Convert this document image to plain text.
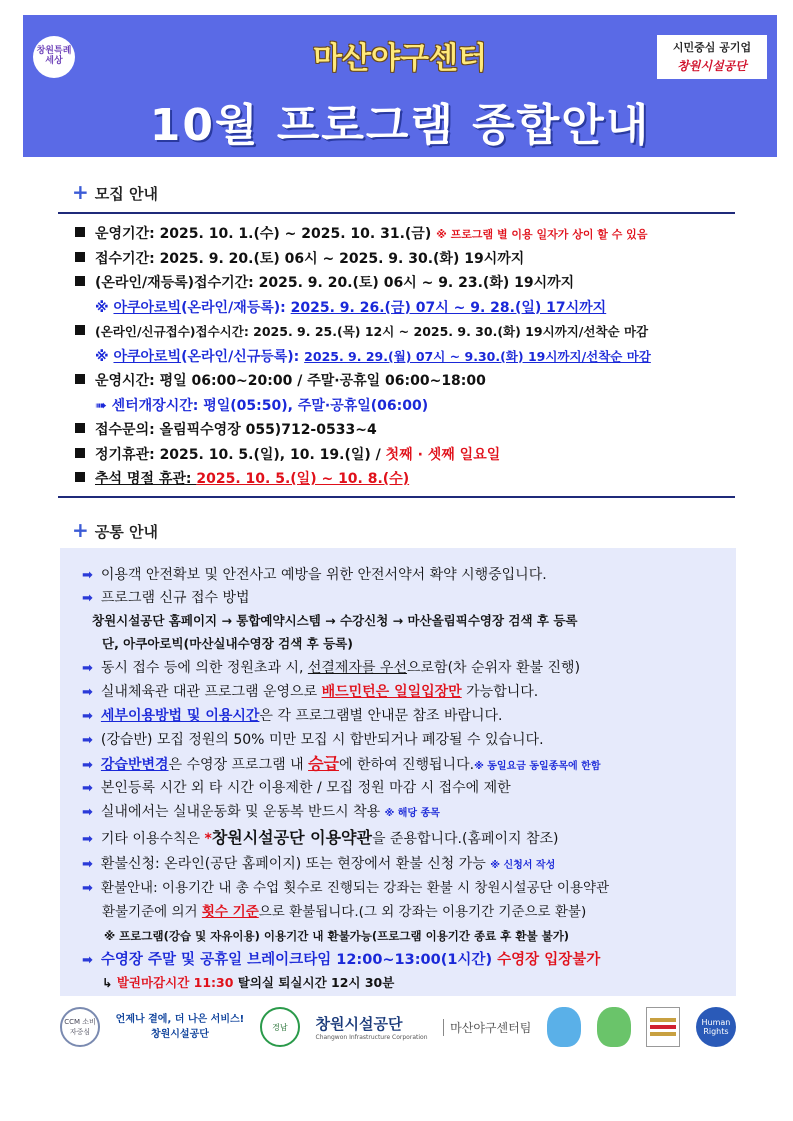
창원특례 세상	마산야구센터
10월 프로그램 종합안내
시민중심 공기업
창원시설공단
+ 모집 안내
운영기간: 2025. 10. 1.(수) ~ 2025. 10. 31.(금) ※ 프로그램 별 이용 일자가 상이 할 수 있음
접수기간: 2025. 9. 20.(토) 06시 ~ 2025. 9. 30.(화) 19시까지
(온라인/재등록)접수기간: 2025. 9. 20.(토) 06시 ~ 9. 23.(화) 19시까지
※ 아쿠아로빅(온라인/재등록): 2025. 9. 26.(금) 07시 ~ 9. 28.(일) 17시까지
(온라인/신규접수)접수시간: 2025. 9. 25.(목) 12시 ~ 2025. 9. 30.(화) 19시까지/선착순 마감
※ 아쿠아로빅(온라인/신규등록): 2025. 9. 29.(월) 07시 ~ 9.30.(화) 19시까지/선착순 마감
운영시간: 평일 06:00~20:00 / 주말·공휴일 06:00~18:00
➠ 센터개장시간: 평일(05:50), 주말·공휴일(06:00)
접수문의: 올림픽수영장 055)712-0533~4
정기휴관: 2025. 10. 5.(일), 10. 19.(일) / 첫째 · 셋째 일요일
추석 명절 휴관: 2025. 10. 5.(일) ~ 10. 8.(수)
+ 공통 안내
➡ 이용객 안전확보 및 안전사고 예방을 위한 안전서약서 확약 시행중입니다.
➡ 프로그램 신규 접수 방법
창원시설공단 홈페이지 → 통합예약시스템 → 수강신청 → 마산올림픽수영장 검색 후 등록
단, 아쿠아로빅(마산실내수영장 검색 후 등록)
➡ 동시 접수 등에 의한 정원초과 시, 선결제자를 우선으로함(차 순위자 환불 진행)
➡ 실내체육관 대관 프로그램 운영으로 배드민턴은 일일입장만 가능합니다.
➡ 세부이용방법 및 이용시간은 각 프로그램별 안내문 참조 바랍니다.
➡ (강습반) 모집 정원의 50% 미만 모집 시 합반되거나 폐강될 수 있습니다.
➡ 강습반변경은 수영장 프로그램 내 승급에 한하여 진행됩니다.※ 동일요금 동일종목에 한함
➡ 본인등록 시간 외 타 시간 이용제한 / 모집 정원 마감 시 접수에 제한
➡ 실내에서는 실내운동화 및 운동복 반드시 착용 ※ 해당 종목
➡ 기타 이용수칙은 *창원시설공단 이용약관을 준용합니다.(홈페이지 참조)
➡ 환불신청: 온라인(공단 홈페이지) 또는 현장에서 환불 신청 가능 ※ 신청서 작성
➡ 환불안내: 이용기간 내 총 수업 횟수로 진행되는 강좌는 환불 시 창원시설공단 이용약관
환불기준에 의거 횟수 기준으로 환불됩니다.(그 외 강좌는 이용기간 기준으로 환불)
※ 프로그램(강습 및 자유이용) 이용기간 내 환불가능(프로그램 이용기간 종료 후 환불 불가)
➡ 수영장 주말 및 공휴일 브레이크타임 12:00~13:00(1시간) 수영장 입장불가
↳ 발권마감시간 11:30 탈의실 퇴실시간 12시 30분
CCM 소비자중심
언제나 곁에, 더 나은 서비스!
창원시설공단
경남 창원시설공단
Changwon Infrastructure Corporation
마산야구센터팀	Human Rights
